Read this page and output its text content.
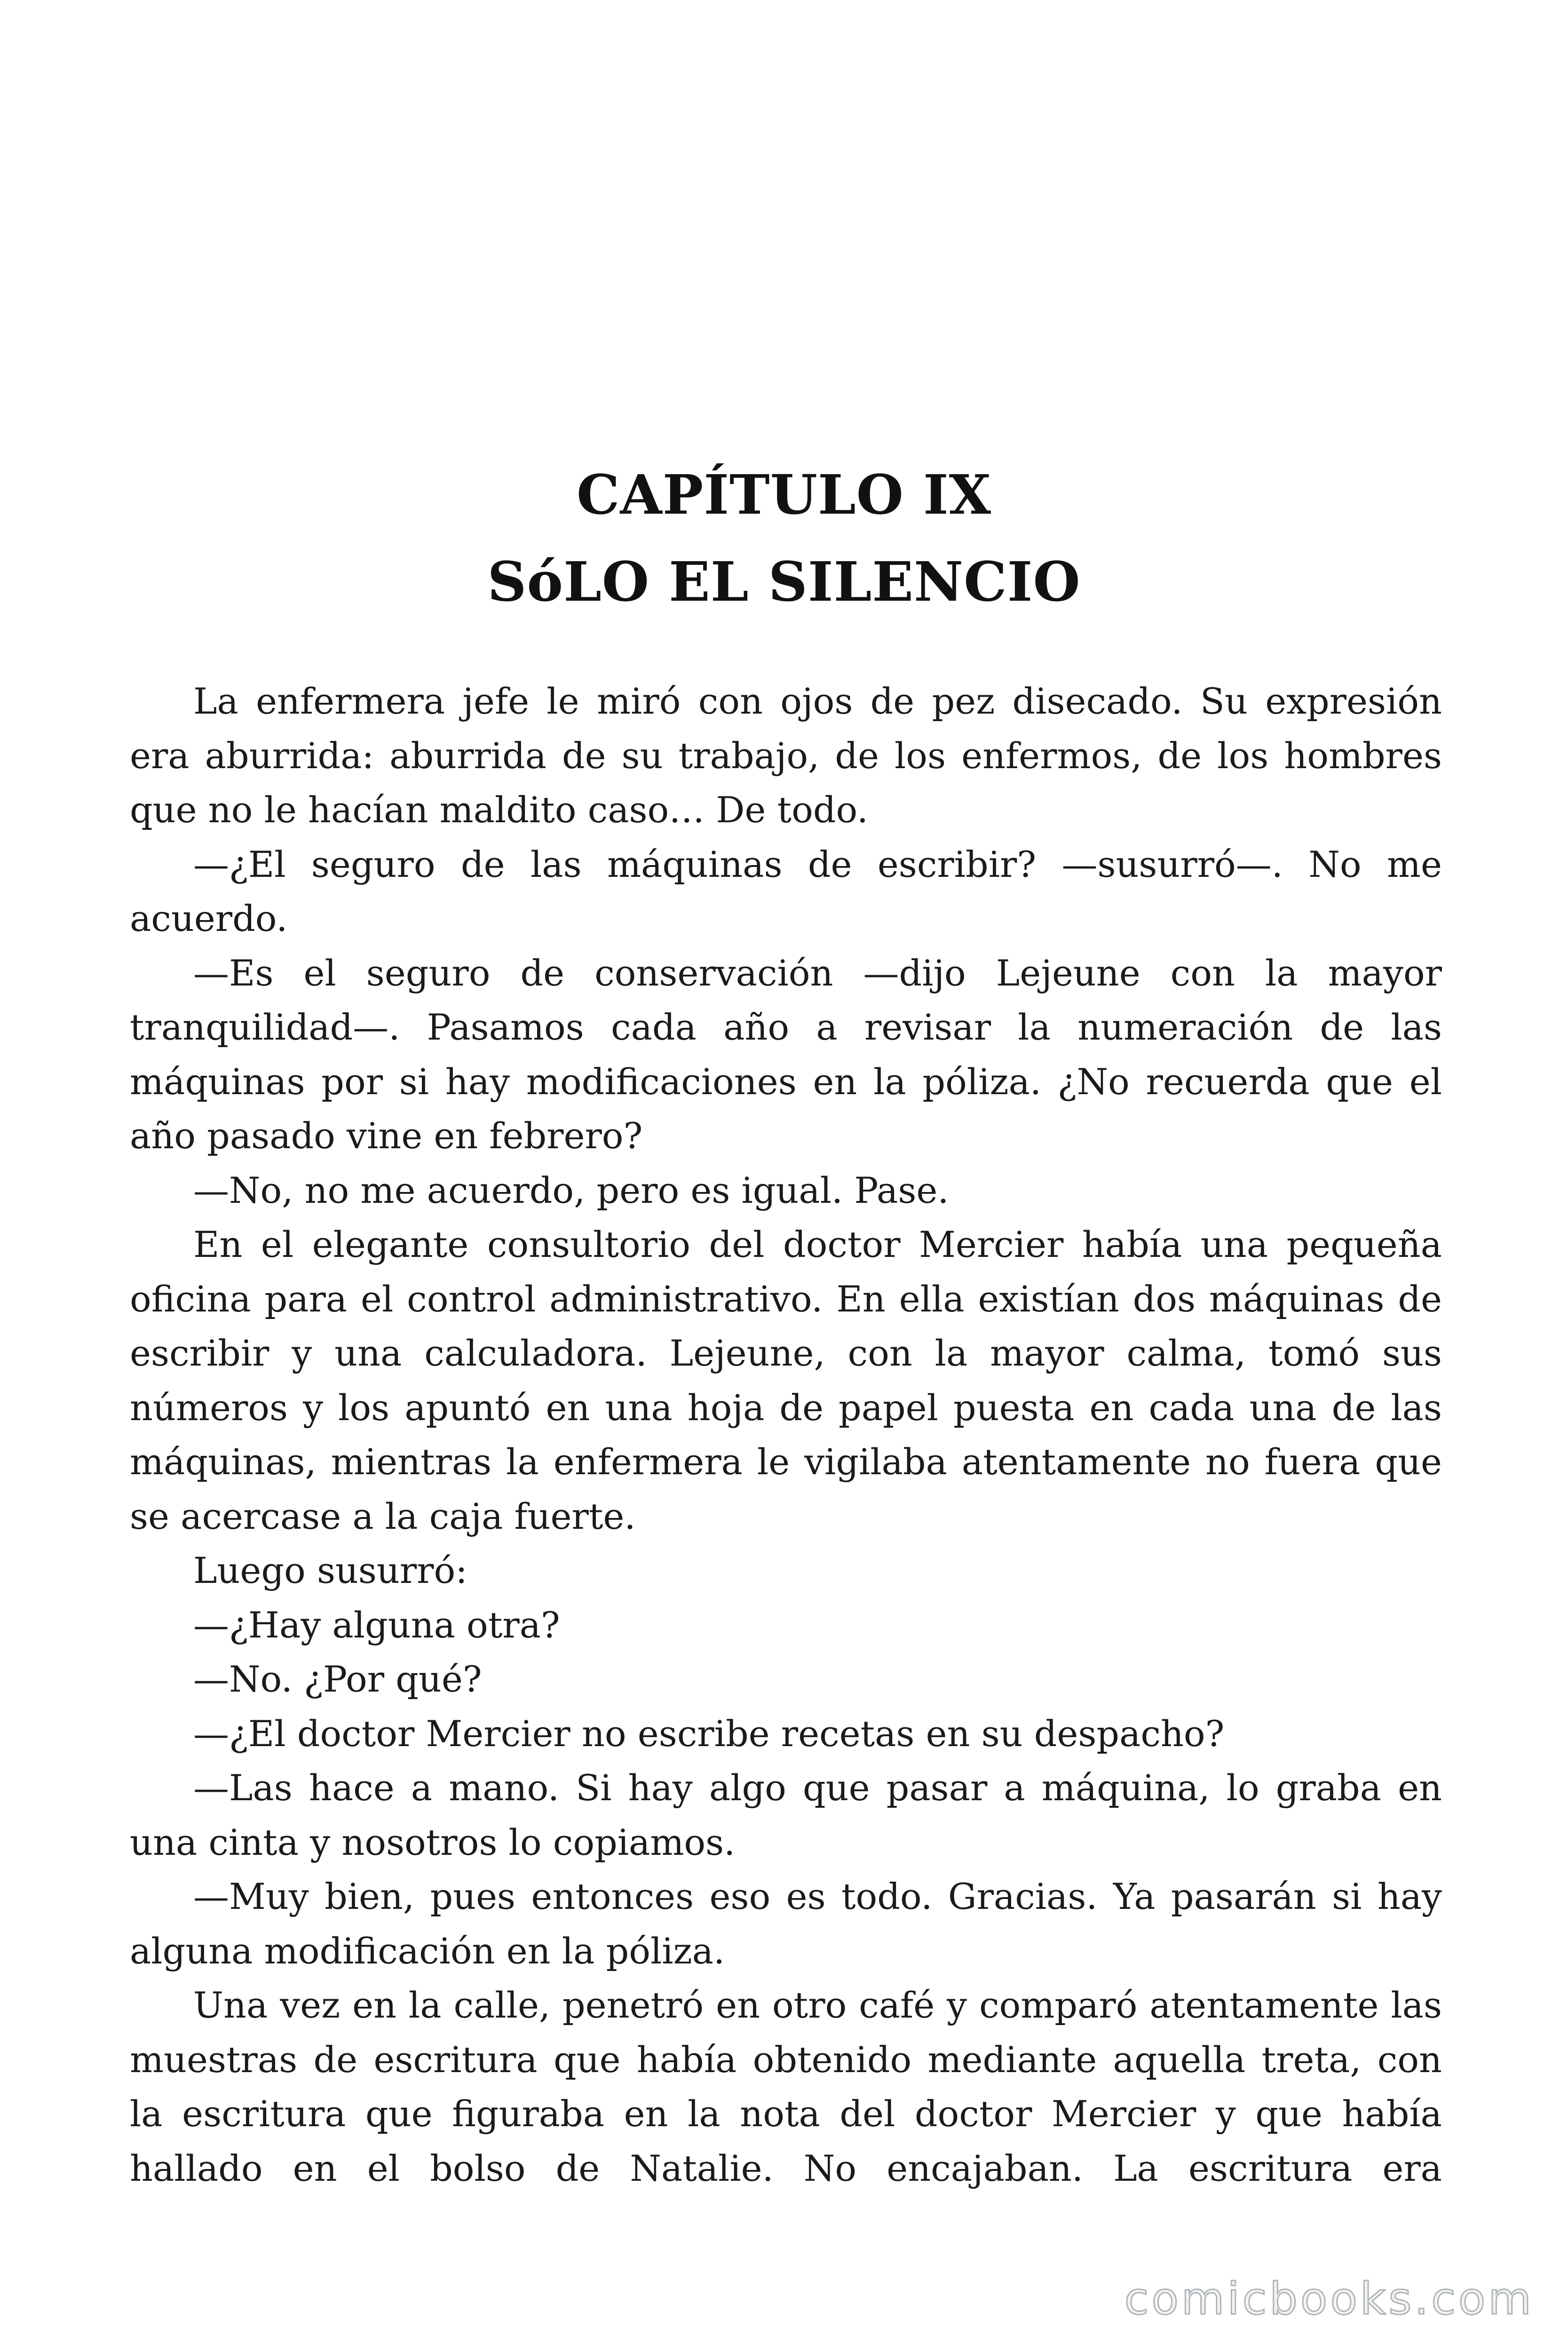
CAPÍTULO IX
SóLO EL SILENCIO

La enfermera jefe le miró con ojos de pez disecado. Su expresión era aburrida: aburrida de su trabajo, de los enfermos, de los hombres que no le hacían maldito caso… De todo.

—¿El seguro de las máquinas de escribir? —susurró—. No me acuerdo.

—Es el seguro de conservación —dijo Lejeune con la mayor tranquilidad—. Pasamos cada año a revisar la numeración de las máquinas por si hay modificaciones en la póliza. ¿No recuerda que el año pasado vine en febrero?

—No, no me acuerdo, pero es igual. Pase.

En el elegante consultorio del doctor Mercier había una pequeña oficina para el control administrativo. En ella existían dos máquinas de escribir y una calculadora. Lejeune, con la mayor calma, tomó sus números y los apuntó en una hoja de papel puesta en cada una de las máquinas, mientras la enfermera le vigilaba atentamente no fuera que se acercase a la caja fuerte.

Luego susurró:

—¿Hay alguna otra?

—No. ¿Por qué?

—¿El doctor Mercier no escribe recetas en su despacho?

—Las hace a mano. Si hay algo que pasar a máquina, lo graba en una cinta y nosotros lo copiamos.

—Muy bien, pues entonces eso es todo. Gracias. Ya pasarán si hay alguna modificación en la póliza.

Una vez en la calle, penetró en otro café y comparó atentamente las muestras de escritura que había obtenido mediante aquella treta, con la escritura que figuraba en la nota del doctor Mercier y que había hallado en el bolso de Natalie. No encajaban. La escritura era

comicbooks.com
